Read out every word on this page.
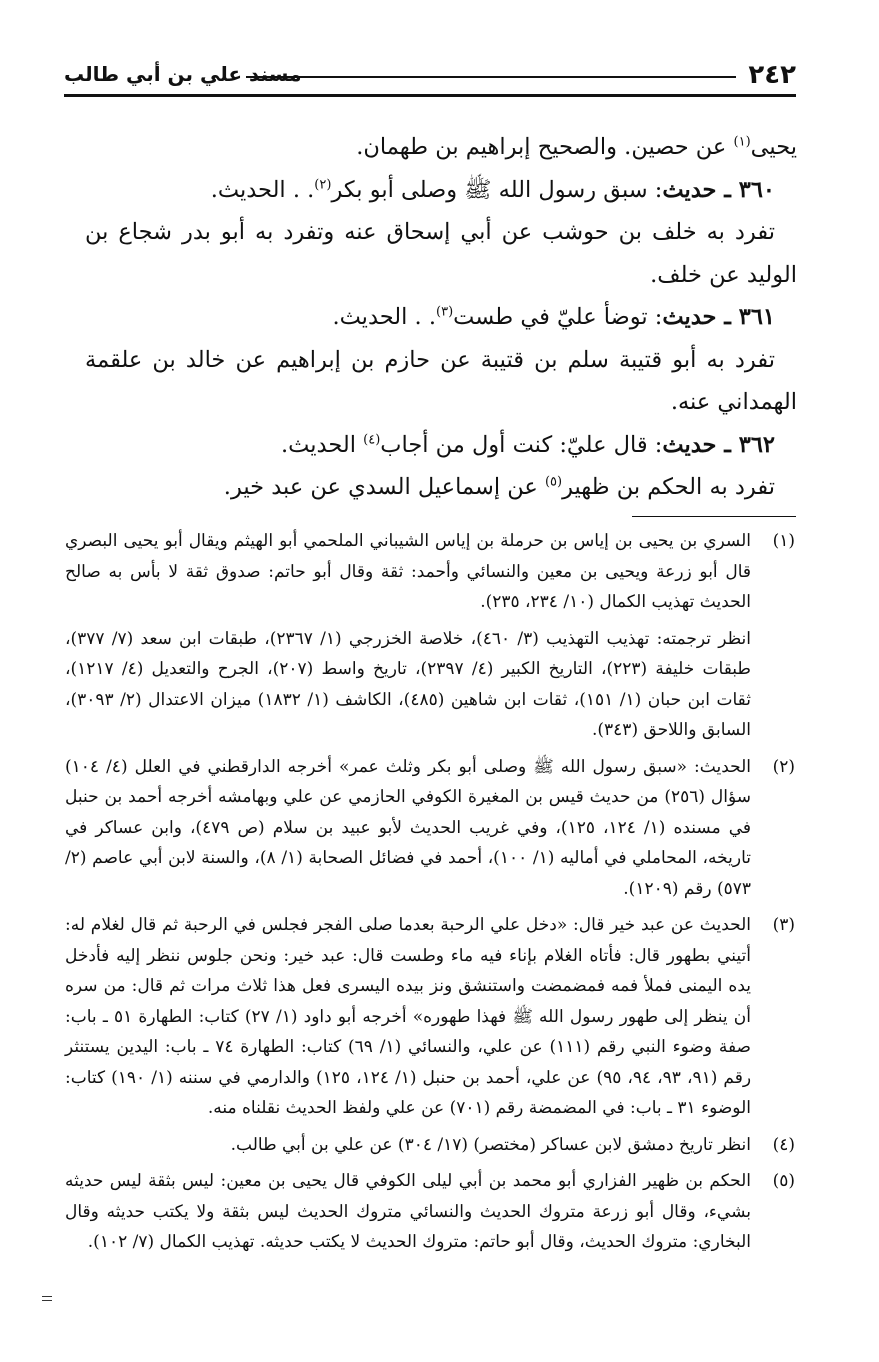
٢٤٢
مسند علي بن أبي طالب

يحيى$^{(١)}$ عن حصين. والصحيح إبراهيم بن طهمان.

٣٦٠ ـ حديث: سبق رسول الله ﷺ وصلى أبو بكر$^{(٢)}$. . الحديث.

تفرد به خلف بن حوشب عن أبي إسحاق عنه وتفرد به أبو بدر شجاع بن الوليد عن خلف.

٣٦١ ـ حديث: توضأ عليّ في طست$^{(٣)}$. . الحديث.

تفرد به أبو قتيبة سلم بن قتيبة عن حازم بن إبراهيم عن خالد بن علقمة الهمداني عنه.

٣٦٢ ـ حديث: قال عليّ: كنت أول من أجاب$^{(٤)}$ الحديث.

تفرد به الحكم بن ظهير$^{(٥)}$ عن إسماعيل السدي عن عبد خير.

(١)

السري بن يحيى بن إياس بن حرملة بن إياس الشيباني الملحمي أبو الهيثم ويقال أبو يحيى البصري قال أبو زرعة ويحيى بن معين والنسائي وأحمد: ثقة وقال أبو حاتم: صدوق ثقة لا بأس به صالح الحديث تهذيب الكمال (١٠/ ٢٣٤، ٢٣٥).

انظر ترجمته: تهذيب التهذيب (٣/ ٤٦٠)، خلاصة الخزرجي (١/ ٢٣٦٧)، طبقات ابن سعد (٧/ ٣٧٧)، طبقات خليفة (٢٢٣)، التاريخ الكبير (٤/ ٢٣٩٧)، تاريخ واسط (٢٠٧)، الجرح والتعديل (٤/ ١٢١٧)، ثقات ابن حبان (١/ ١٥١)، ثقات ابن شاهين (٤٨٥)، الكاشف (١/ ١٨٣٢) ميزان الاعتدال (٢/ ٣٠٩٣)، السابق واللاحق (٣٤٣).

(٢)

الحديث: «سبق رسول الله ﷺ وصلى أبو بكر وثلث عمر» أخرجه الدارقطني في العلل (٤/ ١٠٤) سؤال (٢٥٦) من حديث قيس بن المغيرة الكوفي الحازمي عن علي وبهامشه أخرجه أحمد بن حنبل في مسنده (١/ ١٢٤، ١٢٥)، وفي غريب الحديث لأبو عبيد بن سلام (ص ٤٧٩)، وابن عساكر في تاريخه، المحاملي في أماليه (١/ ١٠٠)، أحمد في فضائل الصحابة (١/ ٨)، والسنة لابن أبي عاصم (٢/ ٥٧٣) رقم (١٢٠٩).

(٣)

الحديث عن عبد خير قال: «دخل علي الرحبة بعدما صلى الفجر فجلس في الرحبة ثم قال لغلام له: أتيني بطهور قال: فأتاه الغلام بإناء فيه ماء وطست قال: عبد خير: ونحن جلوس ننظر إليه فأدخل يده اليمنى فملأ فمه فمضمضت واستنشق ونز بيده اليسرى فعل هذا ثلاث مرات ثم قال: من سره أن ينظر إلى طهور رسول الله ﷺ فهذا طهوره» أخرجه أبو داود (١/ ٢٧) كتاب: الطهارة ٥١ ـ باب: صفة وضوء النبي رقم (١١١) عن علي، والنسائي (١/ ٦٩) كتاب: الطهارة ٧٤ ـ باب: اليدين يستنثر رقم (٩١، ٩٣، ٩٤، ٩٥) عن علي، أحمد بن حنبل (١/ ١٢٤، ١٢٥) والدارمي في سننه (١/ ١٩٠) كتاب: الوضوء ٣١ ـ باب: في المضمضة رقم (٧٠١) عن علي ولفظ الحديث نقلناه منه.

(٤)

انظر تاريخ دمشق لابن عساكر (مختصر) (١٧/ ٣٠٤) عن علي بن أبي طالب.

(٥)

الحكم بن ظهير الفزاري أبو محمد بن أبي ليلى الكوفي قال يحيى بن معين: ليس بثقة ليس حديثه بشيء، وقال أبو زرعة متروك الحديث والنسائي متروك الحديث ليس بثقة ولا يكتب حديثه وقال البخاري: متروك الحديث، وقال أبو حاتم: متروك الحديث لا يكتب حديثه. تهذيب الكمال (٧/ ١٠٢).
